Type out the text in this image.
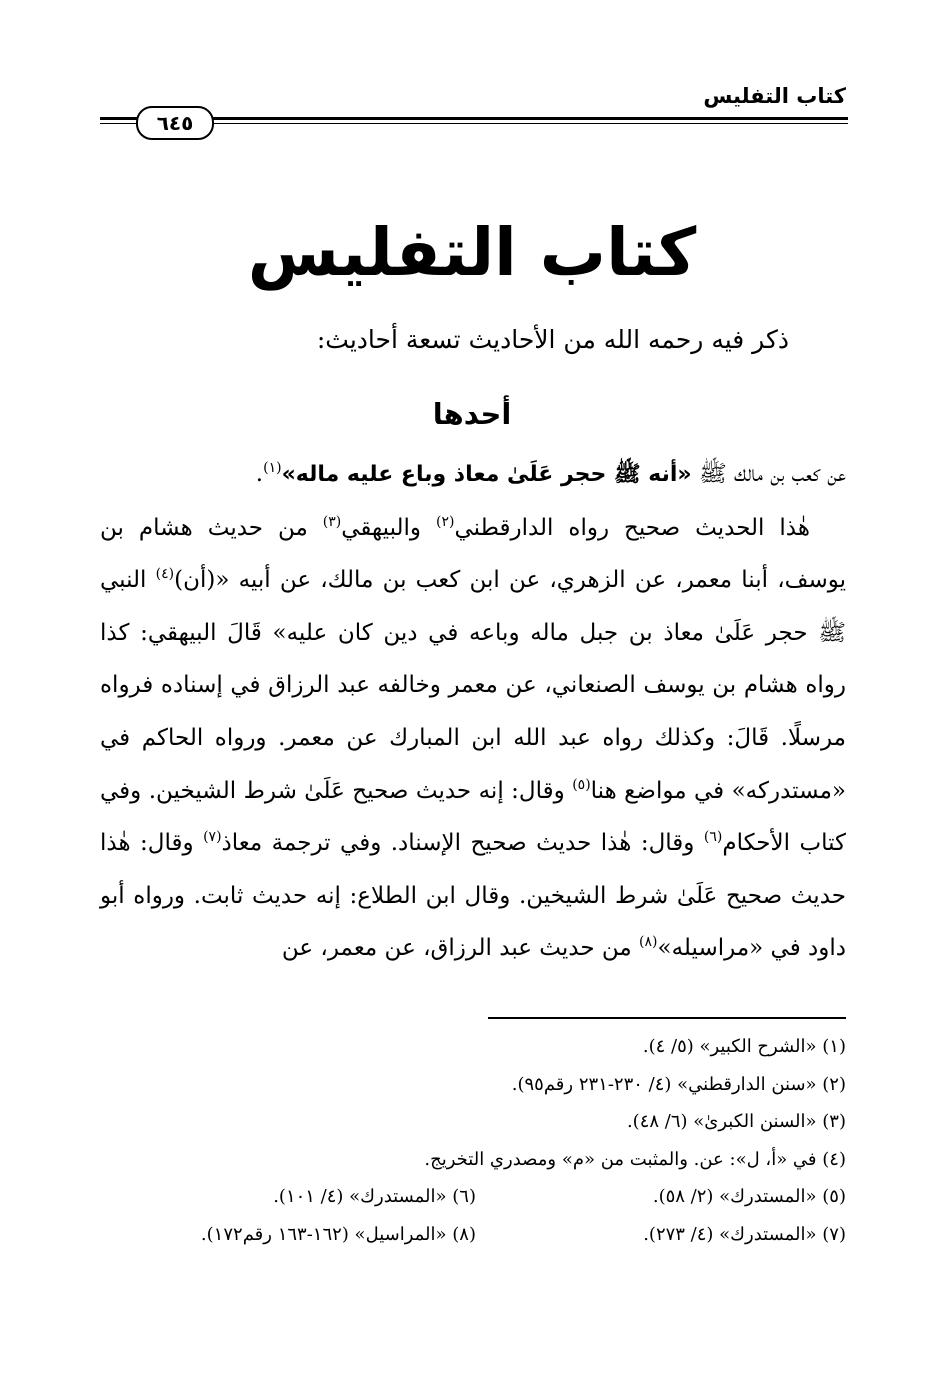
كتاب التفليس
٦٤٥
كتاب التفليس
ذكر فيه رحمه الله من الأحاديث تسعة أحاديث:
أحدها

عن كعب بن مالك ﷺ «أنه ﷺ حجر عَلَىٰ معاذ وباع عليه ماله»$^{(١)}$.

هٰذا الحديث صحيح رواه الدارقطني$^{(٢)}$ والبيهقي$^{(٣)}$ من حديث هشام بن يوسف، أبنا معمر، عن الزهري، عن ابن كعب بن مالك، عن أبيه «(أن)$^{(٤)}$ النبي ﷺ حجر عَلَىٰ معاذ بن جبل ماله وباعه في دين كان عليه» قَالَ البيهقي: كذا رواه هشام بن يوسف الصنعاني، عن معمر وخالفه عبد الرزاق في إسناده فرواه مرسلًا. قَالَ: وكذلك رواه عبد الله ابن المبارك عن معمر. ورواه الحاكم في «مستدركه» في مواضع هنا$^{(٥)}$ وقال: إنه حديث صحيح عَلَىٰ شرط الشيخين. وفي كتاب الأحكام$^{(٦)}$ وقال: هٰذا حديث صحيح الإسناد. وفي ترجمة معاذ$^{(٧)}$ وقال: هٰذا حديث صحيح عَلَىٰ شرط الشيخين. وقال ابن الطلاع: إنه حديث ثابت. ورواه أبو داود في «مراسيله»$^{(٨)}$ من حديث عبد الرزاق، عن معمر، عن

(١) «الشرح الكبير» (٥/ ٤).
(٢) «سنن الدارقطني» (٤/ ٢٣٠-٢٣١ رقم٩٥).
(٣) «السنن الكبرىٰ» (٦/ ٤٨).
(٤) في «أ، ل»: عن. والمثبت من «م» ومصدري التخريج.
(٥) «المستدرك» (٢/ ٥٨).
(٦) «المستدرك» (٤/ ١٠١).
(٧) «المستدرك» (٤/ ٢٧٣).
(٨) «المراسيل» (١٦٢-١٦٣ رقم١٧٢).
